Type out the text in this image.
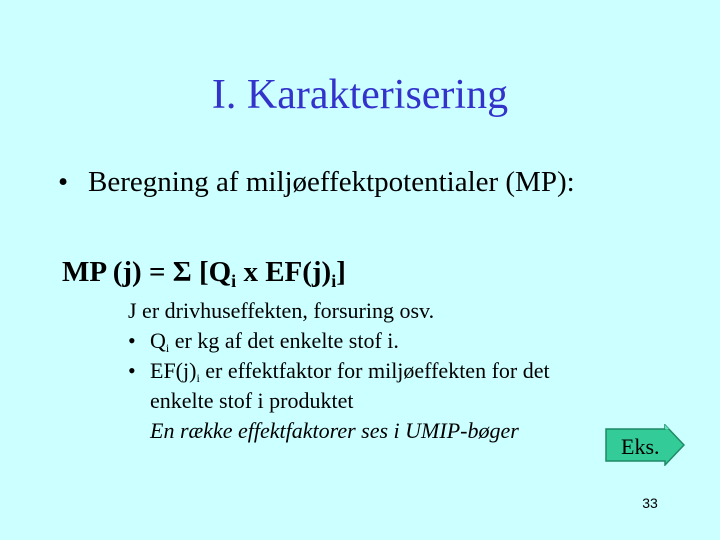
I. Karakterisering
• Beregning af miljøeffektpotentialer (MP):
MP (j) = Σ [$Q_i$ x $EF(j)_i$]
J er drivhuseffekten, forsuring osv.
• $Q_i$ er kg af det enkelte stof i.
• $EF(j)_i$ er effektfaktor for miljøeffekten for det
enkelte stof i produktet
En række effektfaktorer ses i UMIP-bøger
Eks.
33
